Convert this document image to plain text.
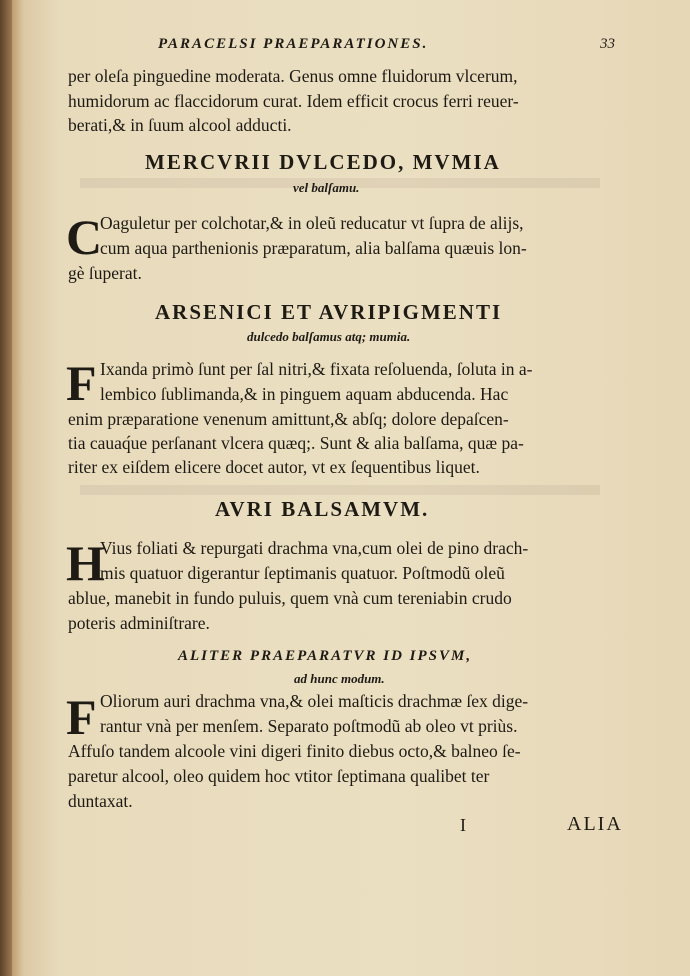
PARACELSI PRAEPARATIONES.	33
per oleſa pinguedine moderata. Genus omne fluidorum vlcerum,
humidorum ac flaccidorum curat. Idem efficit crocus ferri reuer-
berati,& in ſuum alcool adducti.
MERCVRII DVLCEDO, MVMIA
vel balſamu.
C
Oaguletur per colchotar,& in oleũ reducatur vt ſupra de alijs,
cum aqua parthenionis præparatum, alia balſama quæuis lon-
gè ſuperat.
ARSENICI ET AVRIPIGMENTI
dulcedo balſamus atq; mumia.
F Ixanda primò ſunt per ſal nitri,& fixata reſoluenda, ſoluta in a-
lembico ſublimanda,& in pinguem aquam abducenda. Hac
enim præparatione venenum amittunt,& abſq; dolore depaſcen-
tia cauaq́ue perſanant vlcera quæq;. Sunt & alia balſama, quæ pa-
riter ex eiſdem elicere docet autor, vt ex ſequentibus liquet.
AVRI BALSAMVM.
H
Vius foliati & repurgati drachma vna,cum olei de pino drach-
mis quatuor digerantur ſeptimanis quatuor. Poſtmodũ oleũ
ablue, manebit in fundo puluis, quem vnà cum tereniabin crudo
poteris adminiſtrare.
ALITER PRAEPARATVR ID IPSVM,
ad hunc modum.
F Oliorum auri drachma vna,& olei maſticis drachmæ ſex dige-
rantur vnà per menſem. Separato poſtmodũ ab oleo vt priùs.
Affuſo tandem alcoole vini digeri finito diebus octo,& balneo ſe-
paretur alcool, oleo quidem hoc vtitor ſeptimana qualibet ter
duntaxat.
I	ALIA
